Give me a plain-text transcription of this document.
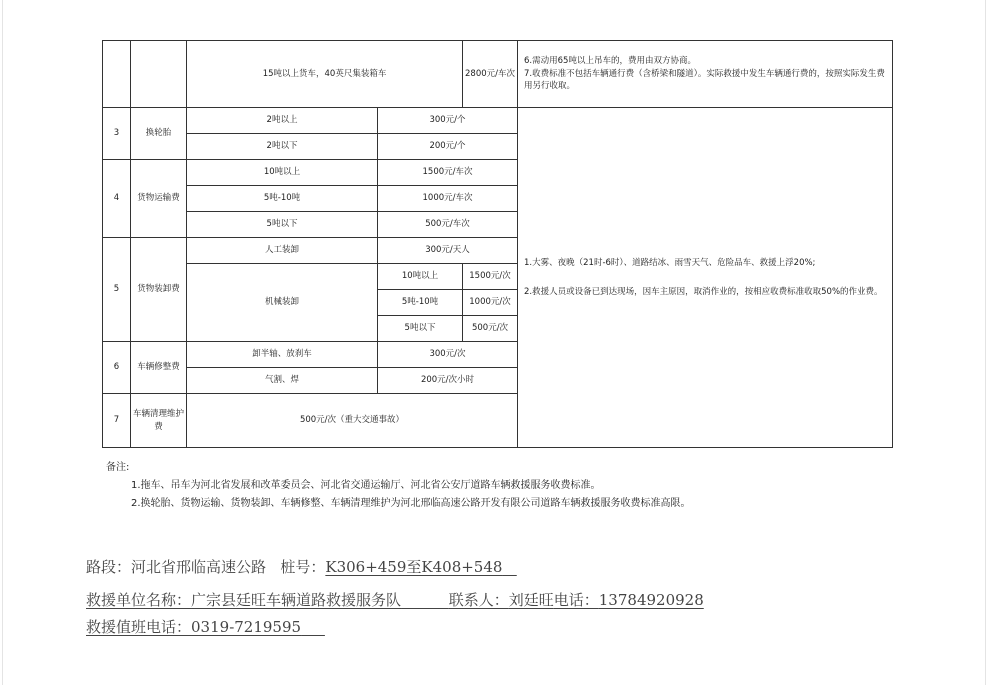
		15吨以上货车，40英尺集装箱车		2800元/车次	6.需动用65吨以上吊车的，费用由双方协商。

7.收费标准不包括车辆通行费（含桥梁和隧道）。实际救援中发生车辆通行费的，按照实际发生费用另行收取。

3	换轮胎	2吨以上	300元/个		1.大雾、夜晚（21时-6时）、道路结冰、雨雪天气、危险品车、救援上浮20%;

2.救援人员或设备已到达现场，因车主原因，取消作业的，按相应收费标准收取50%的作业费。

		2吨以下	200元/个		
4	货物运输费	10吨以上	1500元/车次		
		5吨-10吨	1000元/车次		
		5吨以下	500元/车次		
5	货物装卸费	人工装卸	300元/天人		
		机械装卸	10吨以上	1500元/次	
			5吨-10吨	1000元/次	
			5吨以下	500元/次	
6	车辆修整费	卸半轴、放刹车	300元/次		
		气割、焊	200元/次小时		
7	车辆清理维护费	500元/次（重大交通事故）			
备注:
1.拖车、吊车为河北省发展和改革委员会、河北省交通运输厅、河北省公安厅道路车辆救援服务收费标准。
2.换轮胎、货物运输、货物装卸、车辆修整、车辆清理维护为河北邢临高速公路开发有限公司道路车辆救援服务收费标准高限。
路段：河北省邢临高速公路 桩号：K306+459至K408+548
救援单位名称：广宗县廷旺车辆道路救援服务队	联系人：刘廷旺电话：13784920928
救援值班电话：0319-7219595
